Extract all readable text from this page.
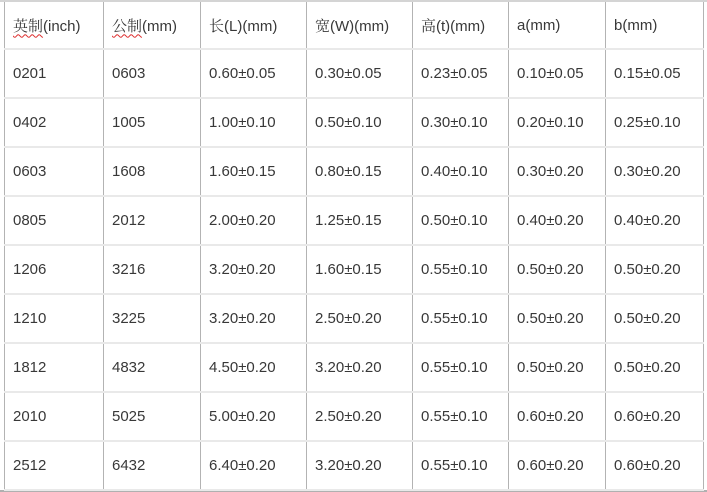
英制(inch)	公制(mm)	长(L)(mm)	宽(W)(mm)	高(t)(mm)	a(mm)	b(mm)
0201	0603	0.60±0.05	0.30±0.05	0.23±0.05	0.10±0.05	0.15±0.05
0402	1005	1.00±0.10	0.50±0.10	0.30±0.10	0.20±0.10	0.25±0.10
0603	1608	1.60±0.15	0.80±0.15	0.40±0.10	0.30±0.20	0.30±0.20
0805	2012	2.00±0.20	1.25±0.15	0.50±0.10	0.40±0.20	0.40±0.20
1206	3216	3.20±0.20	1.60±0.15	0.55±0.10	0.50±0.20	0.50±0.20
1210	3225	3.20±0.20	2.50±0.20	0.55±0.10	0.50±0.20	0.50±0.20
1812	4832	4.50±0.20	3.20±0.20	0.55±0.10	0.50±0.20	0.50±0.20
2010	5025	5.00±0.20	2.50±0.20	0.55±0.10	0.60±0.20	0.60±0.20
2512	6432	6.40±0.20	3.20±0.20	0.55±0.10	0.60±0.20	0.60±0.20
